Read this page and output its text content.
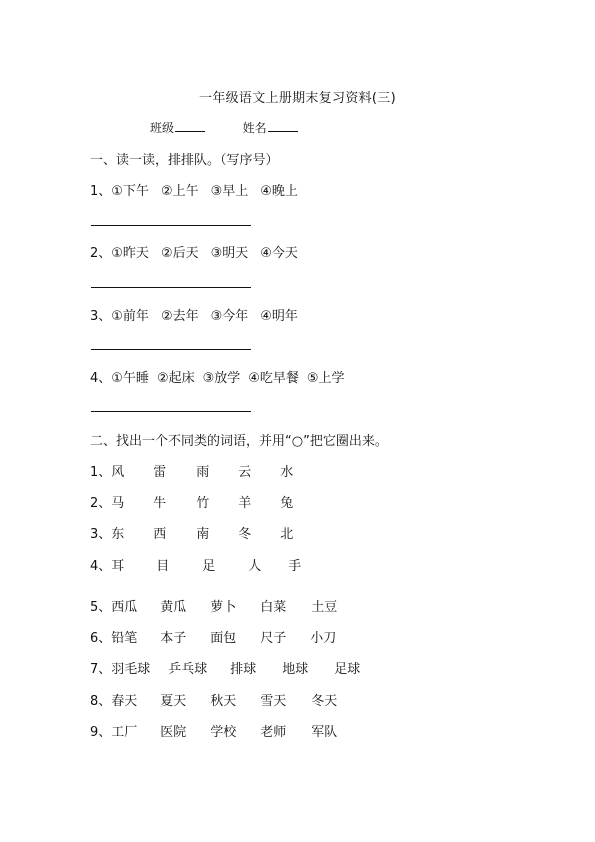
一年级语文上册期末复习资料(三)
班级	姓名
一、读一读，排排队。（写序号）
1、①下午 ②上午 ③早上 ④晚上
2、①昨天 ②后天 ③明天 ④今天
3、①前年 ②去年 ③今年 ④明年
4、①午睡 ②起床 ③放学 ④吃早餐 ⑤上学
二、找出一个不同类的词语，并用“○”把它圈出来。
1、风 雷 雨 云 水
2、马 牛 竹 羊 兔
3、东 西 南 冬 北
4、耳 目	足	人 手
5、西瓜 黄瓜 萝卜 白菜 土豆
6、铅笔 本子 面包 尺子 小刀
7、羽毛球 乒乓球 排球 地球 足球
8、春天 夏天 秋天 雪天 冬天
9、工厂 医院 学校 老师 军队
